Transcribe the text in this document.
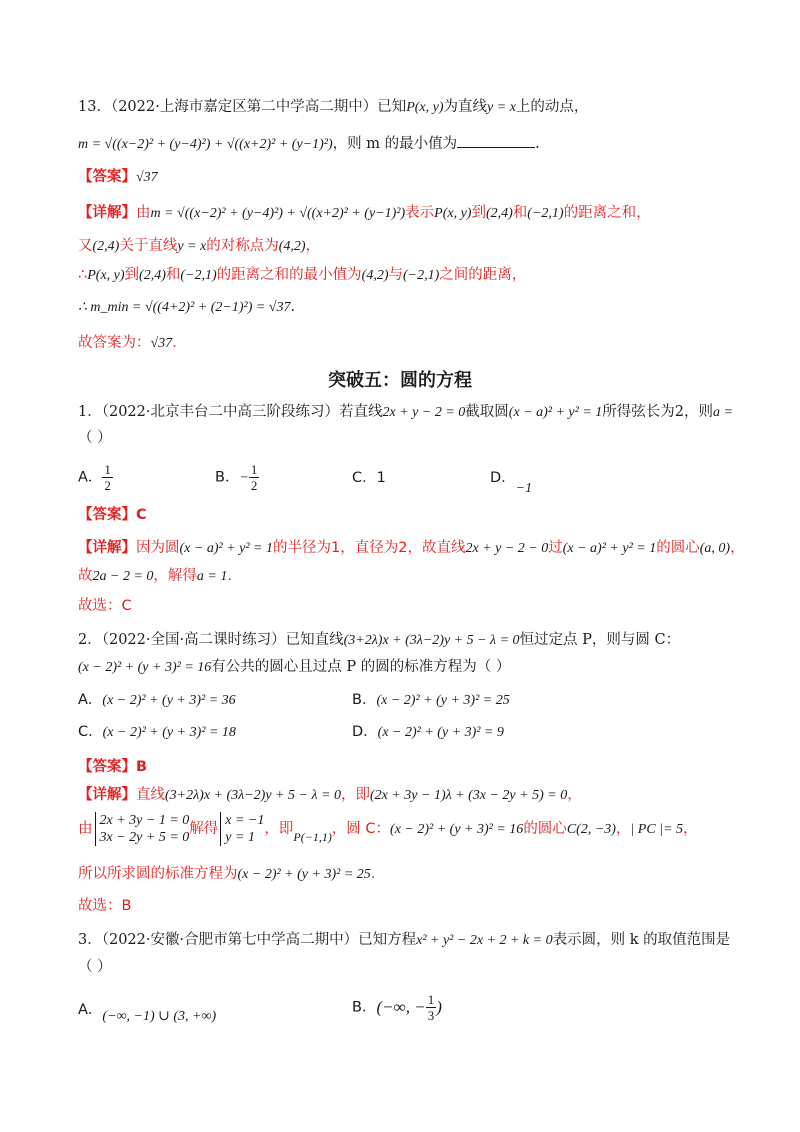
13．（2022·上海市嘉定区第二中学高二期中）已知P(x, y)为直线y = x上的动点，
m = √((x−2)² + (y−4)²) + √((x+2)² + (y−1)²)，则 m 的最小值为	.
【答案】√37
【详解】由m = √((x−2)² + (y−4)²) + √((x+2)² + (y−1)²)表示P(x, y)到(2,4)和(−2,1)的距离之和，
又(2,4)关于直线y = x的对称点为(4,2)，
∴P(x, y)到(2,4)和(−2,1)的距离之和的最小值为(4,2)与(−2,1)之间的距离，
∴ m_min = √((4+2)² + (2−1)²) = √37.
故答案为：√37.
突破五：圆的方程
1．（2022·北京丰台二中高三阶段练习）若直线2x + y − 2 = 0截取圆(x − a)² + y² = 1所得弦长为2，则a =
（ ）
A． $\frac{1}{2}$	B．− $\frac{1}{2}$	C．1	D．−1
【答案】C
【详解】因为圆(x − a)² + y² = 1的半径为1，直径为2，故直线2x + y − 2 − 0过(x − a)² + y² = 1的圆心(a, 0)，
故2a − 2 = 0，解得a = 1.
故选：C
2．（2022·全国·高二课时练习）已知直线(3+2λ)x + (3λ−2)y + 5 − λ = 0恒过定点 P，则与圆 C：
(x − 2)² + (y + 3)² = 16有公共的圆心且过点 P 的圆的标准方程为（ ）
A．(x − 2)² + (y + 3)² = 36	B．(x − 2)² + (y + 3)² = 25
C．(x − 2)² + (y + 3)² = 18	D．(x − 2)² + (y + 3)² = 9
【答案】B
【详解】直线(3+2λ)x + (3λ−2)y + 5 − λ = 0，即(2x + 3y − 1)λ + (3x − 2y + 5) = 0，
由 2x + 3y − 1 = 0
3x − 2y + 5 = 0
解得 x = −1
y = 1
，即P(−1,1)，圆 C：(x − 2)² + (y + 3)² = 16的圆心C(2, −3)，| PC |= 5，
所以所求圆的标准方程为(x − 2)² + (y + 3)² = 25.
故选：B
3．（2022·安徽·合肥市第七中学高二期中）已知方程x² + y² − 2x + 2 + k = 0表示圆，则 k 的取值范围是
（ ）
A．(−∞, −1) ∪ (3, +∞)
B．(−∞, − $\frac{1}{3}$ )
